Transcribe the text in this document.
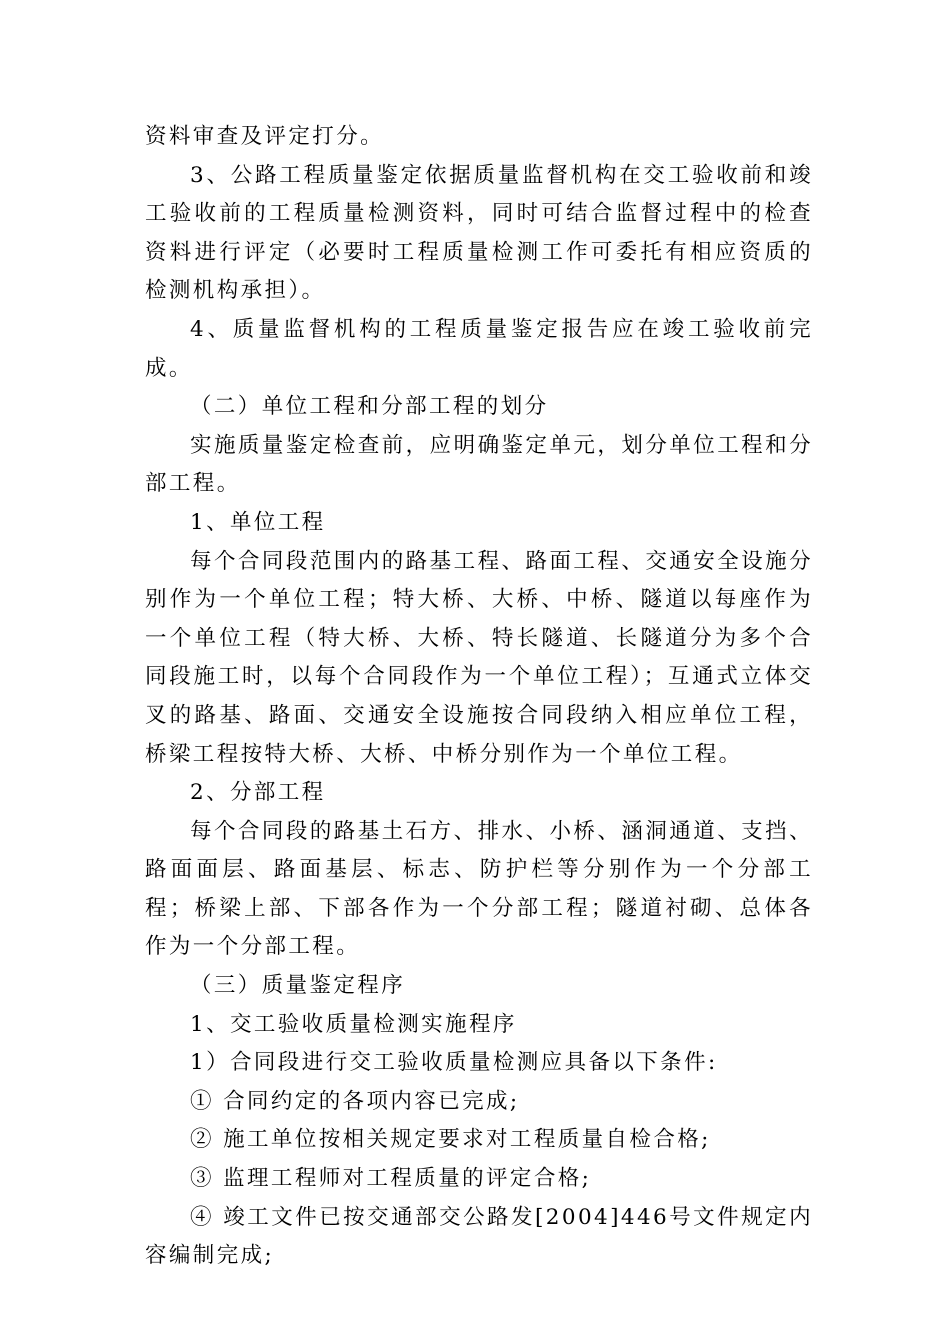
资料审查及评定打分。

3、公路工程质量鉴定依据质量监督机构在交工验收前和竣工验收前的工程质量检测资料，同时可结合监督过程中的检查资料进行评定（必要时工程质量检测工作可委托有相应资质的检测机构承担）。

4、质量监督机构的工程质量鉴定报告应在竣工验收前完成。

（二）单位工程和分部工程的划分

实施质量鉴定检查前，应明确鉴定单元，划分单位工程和分部工程。

1、单位工程

每个合同段范围内的路基工程、路面工程、交通安全设施分别作为一个单位工程；特大桥、大桥、中桥、隧道以每座作为一个单位工程（特大桥、大桥、特长隧道、长隧道分为多个合同段施工时，以每个合同段作为一个单位工程）；互通式立体交叉的路基、路面、交通安全设施按合同段纳入相应单位工程，桥梁工程按特大桥、大桥、中桥分别作为一个单位工程。

2、分部工程

每个合同段的路基土石方、排水、小桥、涵洞通道、支挡、路面面层、路面基层、标志、防护栏等分别作为一个分部工程；桥梁上部、下部各作为一个分部工程；隧道衬砌、总体各作为一个分部工程。

（三）质量鉴定程序

1、交工验收质量检测实施程序

1）合同段进行交工验收质量检测应具备以下条件:

① 合同约定的各项内容已完成;

② 施工单位按相关规定要求对工程质量自检合格;

③ 监理工程师对工程质量的评定合格;

④ 竣工文件已按交通部交公路发[2004]446号文件规定内容编制完成;
